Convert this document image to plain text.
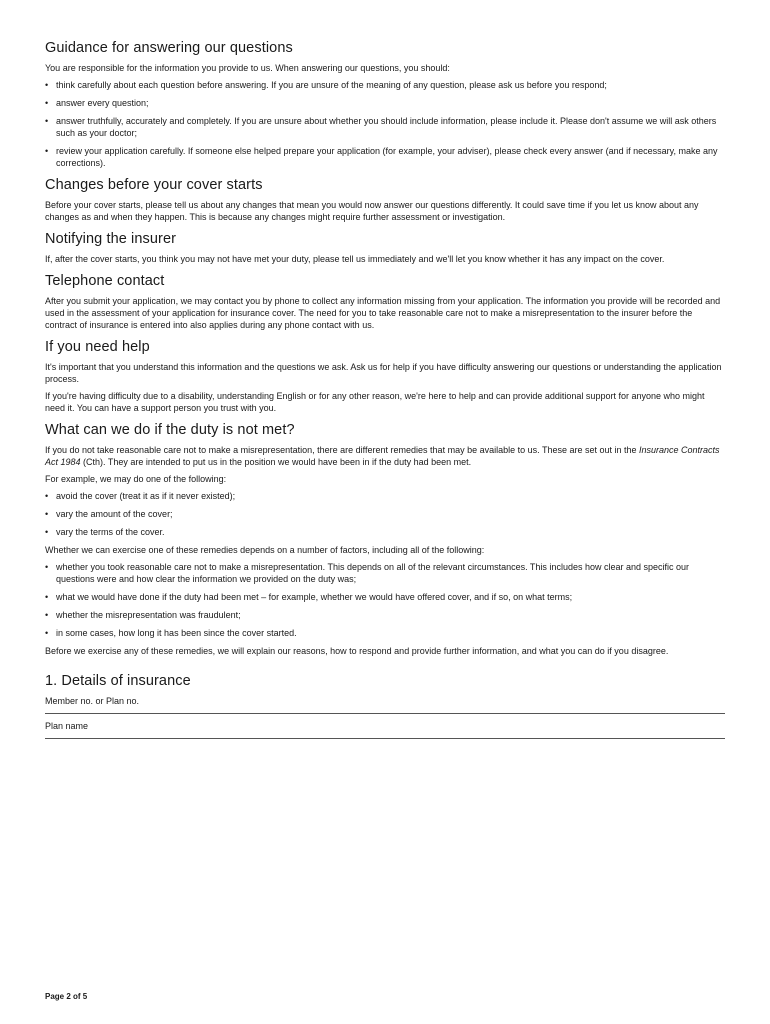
Guidance for answering our questions

You are responsible for the information you provide to us. When answering our questions, you should:

• think carefully about each question before answering. If you are unsure of the meaning of any question, please ask us before you respond;
• answer every question;
• answer truthfully, accurately and completely. If you are unsure about whether you should include information, please include it. Please don't assume we will ask others such as your doctor;
• review your application carefully. If someone else helped prepare your application (for example, your adviser), please check every answer (and if necessary, make any corrections).
Changes before your cover starts

Before your cover starts, please tell us about any changes that mean you would now answer our questions differently. It could save time if you let us know about any changes as and when they happen. This is because any changes might require further assessment or investigation.

Notifying the insurer

If, after the cover starts, you think you may not have met your duty, please tell us immediately and we'll let you know whether it has any impact on the cover.

Telephone contact

After you submit your application, we may contact you by phone to collect any information missing from your application. The information you provide will be recorded and used in the assessment of your application for insurance cover. The need for you to take reasonable care not to make a misrepresentation to the insurer before the contract of insurance is entered into also applies during any phone contact with us.

If you need help

It's important that you understand this information and the questions we ask. Ask us for help if you have difficulty answering our questions or understanding the application process.

If you're having difficulty due to a disability, understanding English or for any other reason, we're here to help and can provide additional support for anyone who might need it. You can have a support person you trust with you.

What can we do if the duty is not met?

If you do not take reasonable care not to make a misrepresentation, there are different remedies that may be available to us. These are set out in the Insurance Contracts Act 1984 (Cth). They are intended to put us in the position we would have been in if the duty had been met.

For example, we may do one of the following:

• avoid the cover (treat it as if it never existed);
• vary the amount of the cover;
• vary the terms of the cover.

Whether we can exercise one of these remedies depends on a number of factors, including all of the following:

• whether you took reasonable care not to make a misrepresentation. This depends on all of the relevant circumstances. This includes how clear and specific our questions were and how clear the information we provided on the duty was;
• what we would have done if the duty had been met – for example, whether we would have offered cover, and if so, on what terms;
• whether the misrepresentation was fraudulent;
• in some cases, how long it has been since the cover started.

Before we exercise any of these remedies, we will explain our reasons, how to respond and provide further information, and what you can do if you disagree.

1. Details of insurance
Member no. or Plan no.
Plan name
Page 2 of 5
